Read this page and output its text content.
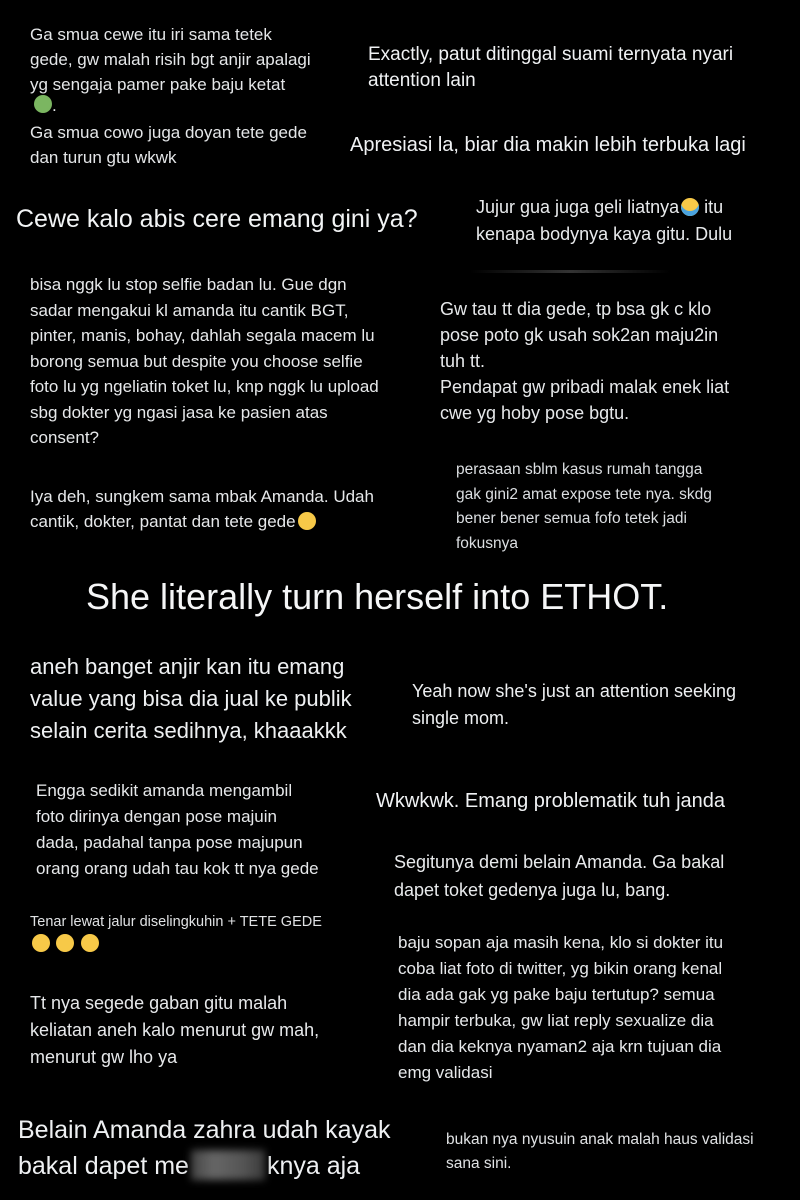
Ga smua cewe itu iri sama tetek
gede, gw malah risih bgt anjir apalagi
yg sengaja pamer pake baju ketat
.
Ga smua cowo juga doyan tete gede
dan turun gtu wkwk
Exactly, patut ditinggal suami ternyata nyari
attention lain
Apresiasi la, biar dia makin lebih terbuka lagi
Cewe kalo abis cere emang gini ya?	Jujur gua juga geli liatnya itu
kenapa bodynya kaya gitu. Dulu
bisa nggk lu stop selfie badan lu. Gue dgn
sadar mengakui kl amanda itu cantik BGT,
pinter, manis, bohay, dahlah segala macem lu
borong semua but despite you choose selfie
foto lu yg ngeliatin toket lu, knp nggk lu upload
sbg dokter yg ngasi jasa ke pasien atas
consent?
Gw tau tt dia gede, tp bsa gk c klo
pose poto gk usah sok2an maju2in
tuh tt.
Pendapat gw pribadi malak enek liat
cwe yg hoby pose bgtu.
Iya deh, sungkem sama mbak Amanda. Udah
cantik, dokter, pantat dan tete gede
perasaan sblm kasus rumah tangga
gak gini2 amat expose tete nya. skdg
bener bener semua fofo tetek jadi
fokusnya
She literally turn herself into ETHOT.
aneh banget anjir kan itu emang
value yang bisa dia jual ke publik
selain cerita sedihnya, khaaakkk
Yeah now she's just an attention seeking
single mom.
Engga sedikit amanda mengambil
foto dirinya dengan pose majuin
dada, padahal tanpa pose majupun
orang orang udah tau kok tt nya gede
Wkwkwk. Emang problematik tuh janda
Segitunya demi belain Amanda. Ga bakal
dapet toket gedenya juga lu, bang.
Tenar lewat jalur diselingkuhin + TETE GEDE

baju sopan aja masih kena, klo si dokter itu
coba liat foto di twitter, yg bikin orang kenal
dia ada gak yg pake baju tertutup? semua
hampir terbuka, gw liat reply sexualize dia
dan dia keknya nyaman2 aja krn tujuan dia
emg validasi
Tt nya segede gaban gitu malah
keliatan aneh kalo menurut gw mah,
menurut gw lho ya
Belain Amanda zahra udah kayak
bakal dapet me	knya aja
bukan nya nyusuin anak malah haus validasi
sana sini.
